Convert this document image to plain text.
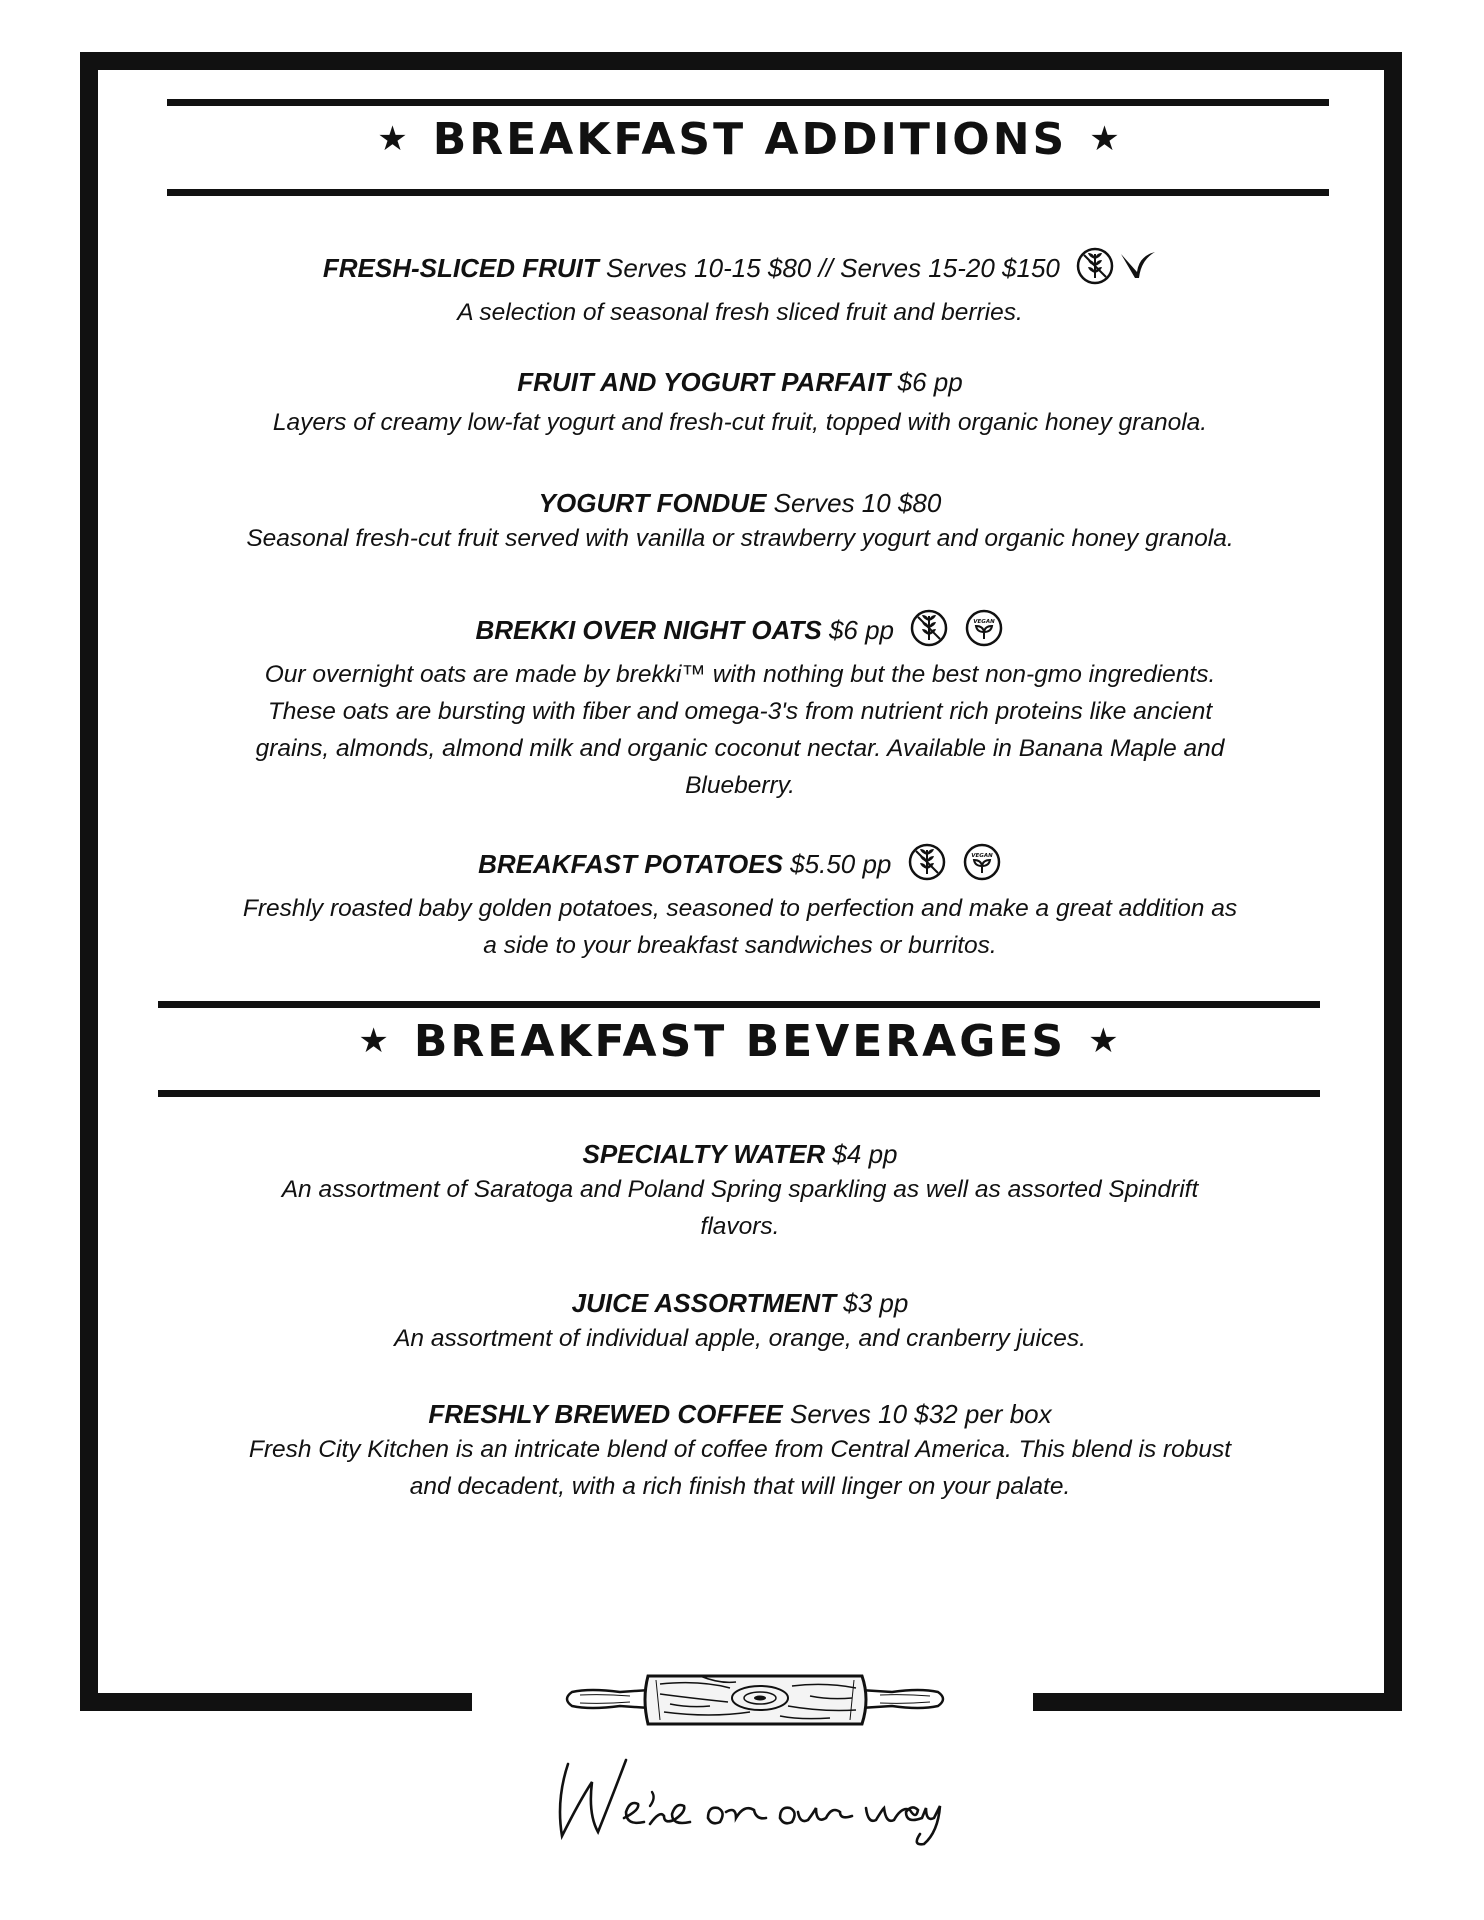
★ BREAKFAST ADDITIONS ★
FRESH-SLICED FRUIT Serves 10-15 $80 // Serves 15-20 $150
A selection of seasonal fresh sliced fruit and berries.
FRUIT AND YOGURT PARFAIT $6 pp
Layers of creamy low-fat yogurt and fresh-cut fruit, topped with organic honey granola.
YOGURT FONDUE Serves 10 $80
Seasonal fresh-cut fruit served with vanilla or strawberry yogurt and organic honey granola.
BREKKI OVER NIGHT OATS $6 pp	VEGAN
Our overnight oats are made by brekki™ with nothing but the best non-gmo ingredients.
These oats are bursting with fiber and omega-3's from nutrient rich proteins like ancient
grains, almonds, almond milk and organic coconut nectar. Available in Banana Maple and
Blueberry.
BREAKFAST POTATOES $5.50 pp	VEGAN
Freshly roasted baby golden potatoes, seasoned to perfection and make a great addition as
a side to your breakfast sandwiches or burritos.
★ BREAKFAST BEVERAGES ★
SPECIALTY WATER $4 pp
An assortment of Saratoga and Poland Spring sparkling as well as assorted Spindrift
flavors.
JUICE ASSORTMENT $3 pp
An assortment of individual apple, orange, and cranberry juices.
FRESHLY BREWED COFFEE Serves 10 $32 per box
Fresh City Kitchen is an intricate blend of coffee from Central America. This blend is robust
and decadent, with a rich finish that will linger on your palate.
